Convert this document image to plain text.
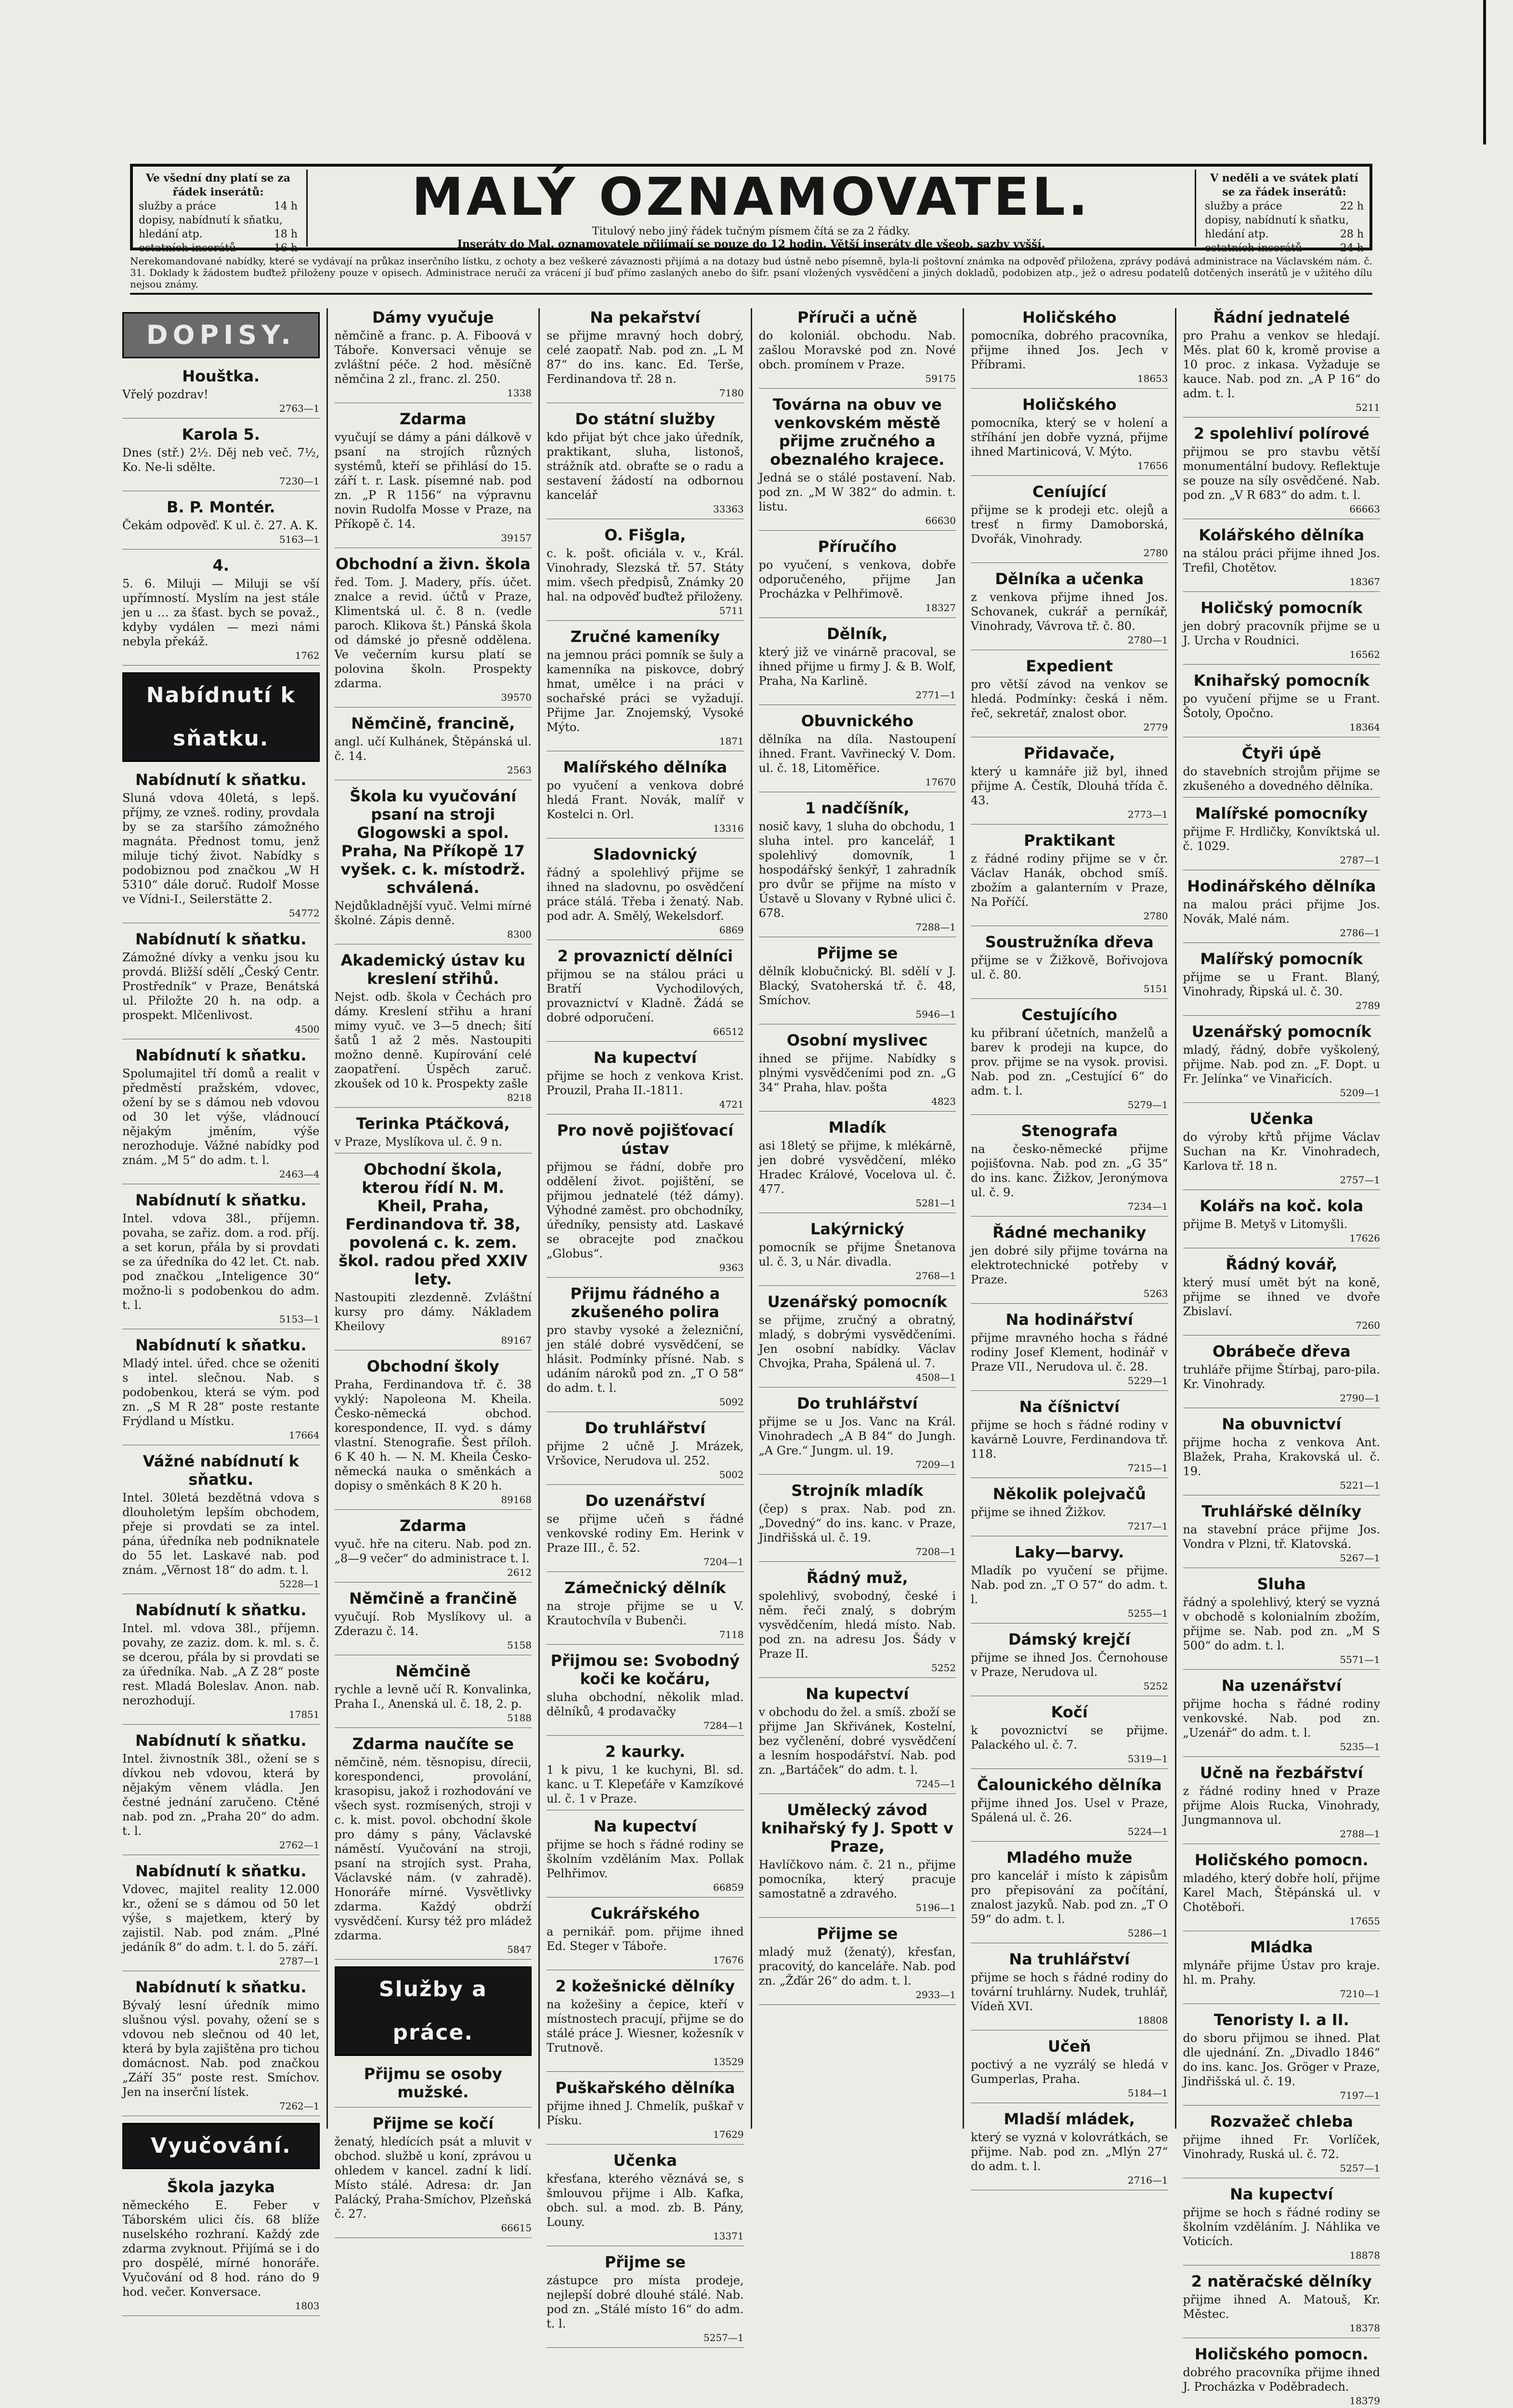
Ve všední dny platí se za řádek inserátů:
služby a práce	14 h
dopisy, nabídnutí k sňatku,
hledání atp.	18 h
ostatních inserátů	16 h
MALÝ OZNAMOVATEL.

Titulový nebo jiný řádek tučným písmem čítá se za 2 řádky.

Inseráty do Mal. oznamovatele přijímají se pouze do 12 hodin. Větší inseráty dle všeob. sazby vyšší.

V neděli a ve svátek platí se za řádek inserátů:
služby a práce	22 h
dopisy, nabídnutí k sňatku,
hledání atp.	28 h
ostatních inserátů	24 h
Nerekomandované nabídky, které se vydávají na průkaz inserčního lístku, z ochoty a bez veškeré závaznosti přijímá a na dotazy bud ústně nebo písemně, byla-li poštovní známka na odpověď přiložena, zprávy podává administrace na Václavském nám. č. 31. Doklady k žádostem buďtež přiloženy pouze v opisech. Administrace neručí za vrácení jí buď přímo zaslaných anebo do šifr. psaní vložených vysvědčení a jiných dokladů, podobizen atp., jež o adresu podatelů dotčených inserátů je v užitého dílu nejsou známy.
DOPISY.

Houštka.

Vřelý pozdrav!

2763—1

Karola 5.

Dnes (stř.) 2½. Děj neb več. 7½, Ko. Ne-li sdělte.

7230—1

B. P. Montér.

Čekám odpověď. K ul. č. 27. A. K.

5163—1

4.

5. 6. Miluji — Miluji se vší upřímností. Myslím na jest stále jen u … za šťast. bych se považ., kdyby vydálen — mezi námi nebyla překáž.

1762

Nabídnutí k sňatku.

Nabídnutí k sňatku.

Sluná vdova 40letá, s lepš. příjmy, ze vzneš. rodiny, provdala by se za staršího zámožného magnáta. Přednost tomu, jenž miluje tichý život. Nabídky s podobiznou pod značkou „W H 5310“ dále doruč. Rudolf Mosse ve Vídni-I., Seilerstätte 2.

54772

Nabídnutí k sňatku.

Zámožné dívky a venku jsou ku provdá. Bližší sdělí „Český Centr. Prostředník“ v Praze, Benátská ul. Přiložte 20 h. na odp. a prospekt. Mlčenlivost.

4500

Nabídnutí k sňatku.

Spolumajitel tří domů a realit v předměstí pražském, vdovec, ožení by se s dámou neb vdovou od 30 let výše, vládnoucí nějakým jměním, výše nerozhoduje. Vážné nabídky pod znám. „M 5“ do adm. t. l.

2463—4

Nabídnutí k sňatku.

Intel. vdova 38l., příjemn. povaha, se zařiz. dom. a rod. příj. a set korun, přála by si provdati se za úředníka do 42 let. Ct. nab. pod značkou „Inteligence 30“ možno-li s podobenkou do adm. t. l.

5153—1

Nabídnutí k sňatku.

Mladý intel. úřed. chce se oženiti s intel. slečnou. Nab. s podobenkou, která se vým. pod zn. „S M R 28“ poste restante Frýdland u Místku.

17664

Vážné nabídnutí k sňatku.

Intel. 30letá bezdětná vdova s dlouholetým lepším obchodem, přeje si provdati se za intel. pána, úředníka neb podniknatele do 55 let. Laskavé nab. pod znám. „Věrnost 18“ do adm. t. l.

5228—1

Nabídnutí k sňatku.

Intel. ml. vdova 38l., příjemn. povahy, ze zaziz. dom. k. ml. s. č. se dcerou, přála by si provdati se za úředníka. Nab. „A Z 28“ poste rest. Mladá Boleslav. Anon. nab. nerozhodují.

17851

Nabídnutí k sňatku.

Intel. živnostník 38l., ožení se s dívkou neb vdovou, která by nějakým věnem vládla. Jen čestné jednání zaručeno. Ctěné nab. pod zn. „Praha 20“ do adm. t. l.

2762—1

Nabídnutí k sňatku.

Vdovec, majitel reality 12.000 kr., ožení se s dámou od 50 let výše, s majetkem, který by zajistil. Nab. pod znám. „Plné jedáník 8“ do adm. t. l. do 5. září.

2787—1

Nabídnutí k sňatku.

Bývalý lesní úředník mimo slušnou výsl. povahy, ožení se s vdovou neb slečnou od 40 let, která by byla zajištěna pro tichou domácnost. Nab. pod značkou „Září 35“ poste rest. Smíchov. Jen na inserční lístek.

7262—1

Vyučování.

Škola jazyka

německého E. Feber v Táborském ulici čís. 68 blíže nuselského rozhraní. Každý zde zdarma zvyknout. Přijímá se i do pro dospělé, mírné honoráře. Vyučování od 8 hod. ráno do 9 hod. večer. Konversace.

1803

Dámy vyučuje

němčině a franc. p. A. Fiboová v Táboře. Konversaci věnuje se zvláštní péče. 2 hod. měsíčně němčina 2 zl., franc. zl. 250.

1338

Zdarma

vyučují se dámy a páni dálkově v psaní na strojích různých systémů, kteří se přihlásí do 15. září t. r. Lask. písemné nab. pod zn. „P R 1156“ na výpravnu novin Rudolfa Mosse v Praze, na Příkopě č. 14.

39157

Obchodní a živn. škola

řed. Tom. J. Madery, přís. účet. znalce a revid. účtů v Praze, Klimentská ul. č. 8 n. (vedle paroch. Klikova št.) Pánská škola od dámské jo přesně oddělena. Ve večerním kursu platí se polovina školn. Prospekty zdarma.

39570

Němčině, francině,

angl. učí Kulhánek, Štěpánská ul. č. 14.

2563

Škola ku vyučování psaní na stroji Glogowski a spol. Praha, Na Příkopě 17 vyšek. c. k. místodrž. schválená.

Nejdůkladnější vyuč. Velmi mírné školné. Zápis denně.

8300

Akademický ústav ku kreslení střihů.

Nejst. odb. škola v Čechách pro dámy. Kreslení střihu a hraní mimy vyuč. ve 3—5 dnech; šití šatů 1 až 2 měs. Nastoupiti možno denně. Kupírování celé zaopatření. Úspěch zaruč. zkoušek od 10 k. Prospekty zašle

8218

Terinka Ptáčková,

v Praze, Myslíkova ul. č. 9 n.

Obchodní škola, kterou řídí N. M. Kheil, Praha, Ferdinandova tř. 38, povolená c. k. zem. škol. radou před XXIV lety.

Nastoupiti zlezdenně. Zvláštní kursy pro dámy. Nákladem Kheilovy

89167

Obchodní školy

Praha, Ferdinandova tř. č. 38 vyklý: Napoleona M. Kheila. Česko-německá obchod. korespondence, II. vyd. s dámy vlastní. Stenografie. Šest příloh. 6 K 40 h. — N. M. Kheila Česko-německá nauka o směnkách a dopisy o směnkách 8 K 20 h.

89168

Zdarma

vyuč. hře na citeru. Nab. pod zn. „8—9 večer“ do administrace t. l.

2612

Němčině a frančině

vyučují. Rob Myslíkovy ul. a Zderazu č. 14.

5158

Němčině

rychle a levně učí R. Konvalinka, Praha I., Anenská ul. č. 18, 2. p.

5188

Zdarma naučíte se

němčině, ném. těsnopisu, dírecii, korespondenci, provolání, krasopisu, jakož i rozhodování ve všech syst. rozmísených, stroji v c. k. mist. povol. obchodní škole pro dámy s pány, Václavské náměstí. Vyučování na stroji, psaní na strojích syst. Praha, Václavské nám. (v zahradě). Honoráře mírné. Vysvětlivky zdarma. Každý obdrží vysvědčení. Kursy též pro mládež zdarma.

5847

Služby a práce.

Přijmu se osoby mužské.

Přijme se kočí

ženatý, hledících psát a mluvit v obchod. službě u koní, zprávou u ohledem v kancel. zadní k lidí. Místo stálé. Adresa: dr. Jan Palácký, Praha-Smíchov, Plzeňská č. 27.

66615

Na pekařství

se přijme mravný hoch dobrý, celé zaopatř. Nab. pod zn. „L M 87“ do ins. kanc. Ed. Terše, Ferdinandova tř. 28 n.

7180

Do státní služby

kdo přijat být chce jako úředník, praktikant, sluha, listonoš, strážník atd. obraťte se o radu a sestavení žádostí na odbornou kancelář

33363

O. Fišgla,

c. k. pošt. oficiála v. v., Král. Vinohrady, Slezská tř. 57. Státy mim. všech předpisů, Známky 20 hal. na odpověď buďtež přiloženy.

5711

Zručné kameníky

na jemnou práci pomník se šuly a kamenníka na piskovce, dobrý hmat, umělce i na práci v sochařské práci se vyžadují. Přijme Jar. Znojemský, Vysoké Mýto.

1871

Malířského dělníka

po vyučení a venkova dobré hledá Frant. Novák, malíř v Kostelci n. Orl.

13316

Sladovnický

řádný a spolehlivý přijme se ihned na sladovnu, po osvědčení práce stálá. Třeba i ženatý. Nab. pod adr. A. Smělý, Wekelsdorf.

6869

2 provaznictí dělníci

přijmou se na stálou práci u Bratří Vychodilových, provaznictví v Kladně. Žádá se dobré odporučení.

66512

Na kupectví

přijme se hoch z venkova Krist. Prouzil, Praha II.-1811.

4721

Pro nově pojišťovací ústav

přijmou se řádní, dobře pro oddělení život. pojištění, se přijmou jednatelé (též dámy). Výhodné zaměst. pro obchodníky, úředníky, pensisty atd. Laskavé se obracejte pod značkou „Globus“.

9363

Přijmu řádného a zkušeného polira

pro stavby vysoké a železniční, jen stálé dobré vysvědčení, se hlásit. Podmínky přísné. Nab. s udáním nároků pod zn. „T O 58“ do adm. t. l.

5092

Do truhlářství

přijme 2 učně J. Mrázek, Vršovice, Nerudova ul. 252.

5002

Do uzenářství

se přijme učeň s řádné venkovské rodiny Em. Herink v Praze III., č. 52.

7204—1

Zámečnický dělník

na stroje přijme se u V. Krautochvíla v Bubenči.

7118

Přijmou se: Svobodný koči ke kočáru,

sluha obchodní, několik mlad. dělníků, 4 prodavačky

7284—1

2 kaurky.

1 k pivu, 1 ke kuchyni, Bl. sd. kanc. u T. Klepeťáře v Kamzíkové ul. č. 1 v Praze.

Na kupectví

přijme se hoch s řádné rodiny se školním vzděláním Max. Pollak Pelhřimov.

66859

Cukrářského

a pernikář. pom. přijme ihned Ed. Steger v Táboře.

17676

2 kožešnické dělníky

na kožešiny a čepice, kteří v místnostech pracují, přijme se do stálé práce J. Wiesner, kožesník v Trutnově.

13529

Puškařského dělníka

přijme ihned J. Chmelík, puškař v Písku.

17629

Učenka

křesťana, kterého věznává se, s šmlouvou přijme i Alb. Kafka, obch. sul. a mod. zb. B. Pány, Louny.

13371

Přijme se

zástupce pro místa prodeje, nejlepší dobré dlouhé stálé. Nab. pod zn. „Stálé místo 16“ do adm. t. l.

5257—1

Příruči a učně

do koloniál. obchodu. Nab. zašlou Moravské pod zn. Nové obch. promínem v Praze.

59175

Továrna na obuv ve venkovském městě přijme zručného a obeznalého krajece.

Jedná se o stálé postavení. Nab. pod zn. „M W 382“ do admin. t. listu.

66630

Příručího

po vyučení, s venkova, dobře odporučeného, přijme Jan Procházka v Pelhřimově.

18327

Dělník,

který již ve vinárně pracoval, se ihned přijme u firmy J. & B. Wolf, Praha, Na Karlině.

2771—1

Obuvnického

dělníka na díla. Nastoupení ihned. Frant. Vavřinecký V. Dom. ul. č. 18, Litoměřice.

17670

1 nadčíšník,

nosič kavy, 1 sluha do obchodu, 1 sluha intel. pro kancelář, 1 spolehlivý domovník, 1 hospodářský šenkýř, 1 zahradník pro dvůr se přijme na místo v Ústavě u Slovany v Rybné ulici č. 678.

7288—1

Přijme se

dělník klobučnický. Bl. sdělí v J. Blacký, Svatoherská tř. č. 48, Smíchov.

5946—1

Osobní myslivec

ihned se přijme. Nabídky s plnými vysvědčeními pod zn. „G 34“ Praha, hlav. pošta

4823

Mladík

asi 18letý se přijme, k mlékárně, jen dobré vysvědčení, mléko Hradec Králové, Vocelova ul. č. 477.

5281—1

Lakýrnický

pomocník se přijme Šnetanova ul. č. 3, u Nár. divadla.

2768—1

Uzenářský pomocník

se přijme, zručný a obratný, mladý, s dobrými vysvědčeními. Jen osobní nabídky. Václav Chvojka, Praha, Spálená ul. 7.

4508—1

Do truhlářství

přijme se u Jos. Vanc na Král. Vinohradech „A B 84“ do Jungh. „A Gre.“ Jungm. ul. 19.

7209—1

Strojník mladík

(čep) s prax. Nab. pod zn. „Dovedný“ do ins. kanc. v Praze, Jindřišská ul. č. 19.

7208—1

Řádný muž,

spolehlivý, svobodný, české i něm. řeči znalý, s dobrým vysvědčením, hledá místo. Nab. pod zn. na adresu Jos. Šády v Praze II.

5252

Na kupectví

v obchodu do žel. a smíš. zboží se přijme Jan Skřivánek, Kostelní, bez vyčlenění, dobré vysvědčení a lesním hospodářství. Nab. pod zn. „Bartáček“ do adm. t. l.

7245—1

Umělecký závod knihařský fy J. Spott v Praze,

Havlíčkovo nám. č. 21 n., přijme pomocníka, který pracuje samostatně a zdravého.

5196—1

Přijme se

mladý muž (ženatý), křesťan, pracovitý, do kanceláře. Nab. pod zn. „Žďár 26“ do adm. t. l.

2933—1

Holičského

pomocníka, dobrého pracovníka, přijme ihned Jos. Jech v Příbrami.

18653

Holičského

pomocníka, který se v holení a stříhání jen dobře vyzná, přijme ihned Martinicová, V. Mýto.

17656

Ceníující

přijme se k prodeji etc. olejů a tresť n firmy Damoborská, Dvořák, Vinohrady.

2780

Dělníka a učenka

z venkova přijme ihned Jos. Schovanek, cukrář a perníkář, Vinohrady, Vávrova tř. č. 80.

2780—1

Expedient

pro větší závod na venkov se hledá. Podmínky: česká i něm. řeč, sekretář, znalost obor.

2779

Přidavače,

který u kamnáře již byl, ihned přijme A. Čestík, Dlouhá třída č. 43.

2773—1

Praktikant

z řádné rodiny přijme se v čr. Václav Hanák, obchod smíš. zbožím a galanterním v Praze, Na Poříčí.

2780

Soustružníka dřeva

přijme se v Žižkově, Bořivojova ul. č. 80.

5151

Cestujícího

ku přibraní účetních, manželů a barev k prodeji na kupce, do prov. přijme se na vysok. provisi. Nab. pod zn. „Cestující 6“ do adm. t. l.

5279—1

Stenografa

na česko-německé přijme pojišťovna. Nab. pod zn. „G 35“ do ins. kanc. Žižkov, Jeronýmova ul. č. 9.

7234—1

Řádné mechaniky

jen dobré sily přijme továrna na elektrotechnické potřeby v Praze.

5263

Na hodinářství

přijme mravného hocha s řádné rodiny Josef Klement, hodinář v Praze VII., Nerudova ul. č. 28.

5229—1

Na číšnictví

přijme se hoch s řádné rodiny v kavárně Louvre, Ferdinandova tř. 118.

7215—1

Několik polejvačů

přijme se ihned Žižkov.

7217—1

Laky—barvy.

Mladík po vyučení se přijme. Nab. pod zn. „T O 57“ do adm. t. l.

5255—1

Dámský krejčí

přijme se ihned Jos. Černohouse v Praze, Nerudova ul.

5252

Kočí

k povoznictví se přijme. Palackého ul. č. 7.

5319—1

Čalounického dělníka

přijme ihned Jos. Usel v Praze, Spálená ul. č. 26.

5224—1

Mladého muže

pro kancelář i místo k zápisům pro přepisování za počítání, znalost jazyků. Nab. pod zn. „T O 59“ do adm. t. l.

5286—1

Na truhlářství

přijme se hoch s řádné rodiny do tovární truhlárny. Nudek, truhlář, Vídeň XVI.

18808

Učeň

poctivý a ne vyzrálý se hledá v Gumperlas, Praha.

5184—1

Mladší mládek,

který se vyzná v kolovrátkách, se přijme. Nab. pod zn. „Mlýn 27“ do adm. t. l.

2716—1

Řádní jednatelé

pro Prahu a venkov se hledají. Měs. plat 60 k, kromě provise a 10 proc. z inkasa. Vyžaduje se kauce. Nab. pod zn. „A P 16“ do adm. t. l.

5211

2 spolehliví polírové

přijmou se pro stavbu větší monumentální budovy. Reflektuje se pouze na síly osvědčené. Nab. pod zn. „V R 683“ do adm. t. l.

66663

Kolářského dělníka

na stálou práci přijme ihned Jos. Trefil, Chotětov.

18367

Holičský pomocník

jen dobrý pracovník přijme se u J. Urcha v Roudnici.

16562

Knihařský pomocník

po vyučení přijme se u Frant. Šotoly, Opočno.

18364

Čtyři úpě

do stavebních strojům přijme se zkušeného a dovedného dělníka.

Malířské pomocníky

přijme F. Hrdličky, Konvíktská ul. č. 1029.

2787—1

Hodinářského dělníka

na malou práci přijme Jos. Novák, Malé nám.

2786—1

Malířský pomocník

přijme se u Frant. Blaný, Vinohrady, Řipská ul. č. 30.

2789

Uzenářský pomocník

mladý, řádný, dobře vyškolený, přijme. Nab. pod zn. „F. Dopt. u Fr. Jelínka“ ve Vinařicích.

5209—1

Učenka

do výroby křtů přijme Václav Suchan na Kr. Vinohradech, Karlova tř. 18 n.

2757—1

Kolářs na koč. kola

přijme B. Metyš v Litomyšli.

17626

Řádný kovář,

který musí umět být na koně, přijme se ihned ve dvoře Zbislaví.

7260

Obrábeče dřeva

truhláře přijme Štírbaj, paro-pila. Kr. Vinohrady.

2790—1

Na obuvnictví

přijme hocha z venkova Ant. Blažek, Praha, Krakovská ul. č. 19.

5221—1

Truhlářské dělníky

na stavební práce přijme Jos. Vondra v Plzni, tř. Klatovská.

5267—1

Sluha

řádný a spolehlivý, který se vyzná v obchodě s kolonialním zbožím, přijme se. Nab. pod zn. „M S 500“ do adm. t. l.

5571—1

Na uzenářství

přijme hocha s řádné rodiny venkovské. Nab. pod zn. „Uzenář“ do adm. t. l.

5235—1

Učně na řezbářství

z řádné rodiny hned v Praze přijme Alois Rucka, Vinohrady, Jungmannova ul.

2788—1

Holičského pomocn.

mladého, který dobře holí, přijme Karel Mach, Štěpánská ul. v Chotěboři.

17655

Mládka

mlynáře přijme Ústav pro kraje. hl. m. Prahy.

7210—1

Tenoristy I. a II.

do sboru přijmou se ihned. Plat dle ujednání. Zn. „Divadlo 1846“ do ins. kanc. Jos. Gröger v Praze, Jindřišská ul. č. 19.

7197—1

Rozvažeč chleba

přijme ihned Fr. Vorlíček, Vinohrady, Ruská ul. č. 72.

5257—1

Na kupectví

přijme se hoch s řádné rodiny se školním vzděláním. J. Náhlika ve Voticích.

18878

2 natěračské dělníky

přijme ihned A. Matouš, Kr. Městec.

18378

Holičského pomocn.

dobrého pracovníka přijme ihned J. Procházka v Poděbradech.

18379
